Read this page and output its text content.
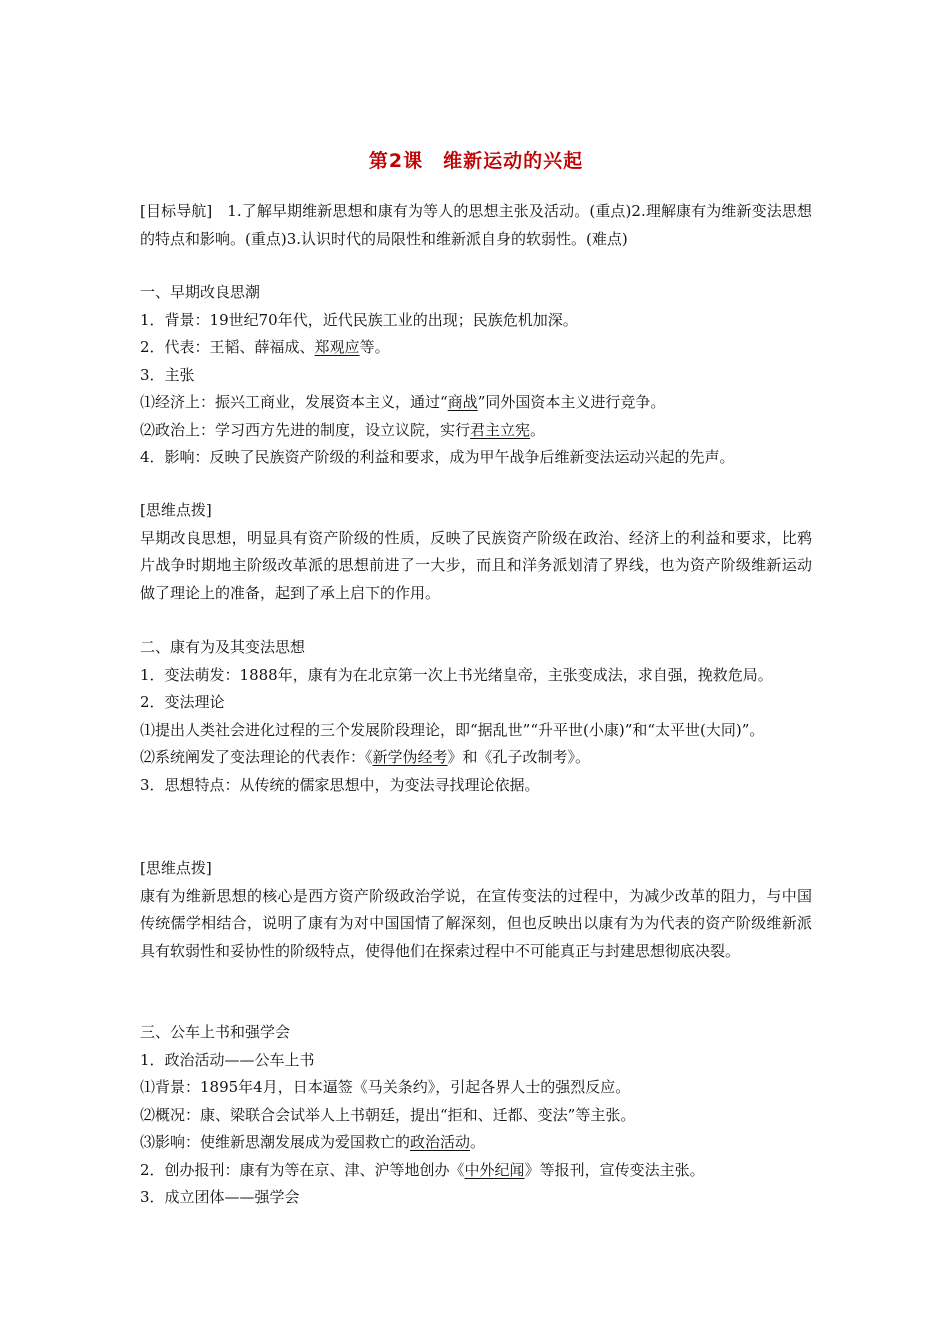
第2课　维新运动的兴起
[目标导航]   1.了解早期维新思想和康有为等人的思想主张及活动。(重点)2.理解康有为维新变法思想的特点和影响。(重点)3.认识时代的局限性和维新派自身的软弱性。(难点)
一、早期改良思潮
1．背景：19世纪70年代，近代民族工业的出现；民族危机加深。
2．代表：王韬、薛福成、郑观应等。
3．主张
⑴经济上：振兴工商业，发展资本主义，通过“商战”同外国资本主义进行竞争。
⑵政治上：学习西方先进的制度，设立议院，实行君主立宪。
4．影响：反映了民族资产阶级的利益和要求，成为甲午战争后维新变法运动兴起的先声。
[思维点拨]
早期改良思想，明显具有资产阶级的性质，反映了民族资产阶级在政治、经济上的利益和要求，比鸦片战争时期地主阶级改革派的思想前进了一大步，而且和洋务派划清了界线，也为资产阶级维新运动做了理论上的准备，起到了承上启下的作用。
二、康有为及其变法思想
1．变法萌发：1888年，康有为在北京第一次上书光绪皇帝，主张变成法，求自强，挽救危局。
2．变法理论
⑴提出人类社会进化过程的三个发展阶段理论，即“据乱世”“升平世(小康)”和“太平世(大同)”。
⑵系统阐发了变法理论的代表作：《新学伪经考》和《孔子改制考》。
3．思想特点：从传统的儒家思想中，为变法寻找理论依据。
[思维点拨]
康有为维新思想的核心是西方资产阶级政治学说，在宣传变法的过程中，为减少改革的阻力，与中国传统儒学相结合，说明了康有为对中国国情了解深刻，但也反映出以康有为为代表的资产阶级维新派具有软弱性和妥协性的阶级特点，使得他们在探索过程中不可能真正与封建思想彻底决裂。
三、公车上书和强学会
1．政治活动——公车上书
⑴背景：1895年4月，日本逼签《马关条约》，引起各界人士的强烈反应。
⑵概况：康、梁联合会试举人上书朝廷，提出“拒和、迁都、变法”等主张。
⑶影响：使维新思潮发展成为爱国救亡的政治活动。
2．创办报刊：康有为等在京、津、沪等地创办《中外纪闻》等报刊，宣传变法主张。
3．成立团体——强学会
